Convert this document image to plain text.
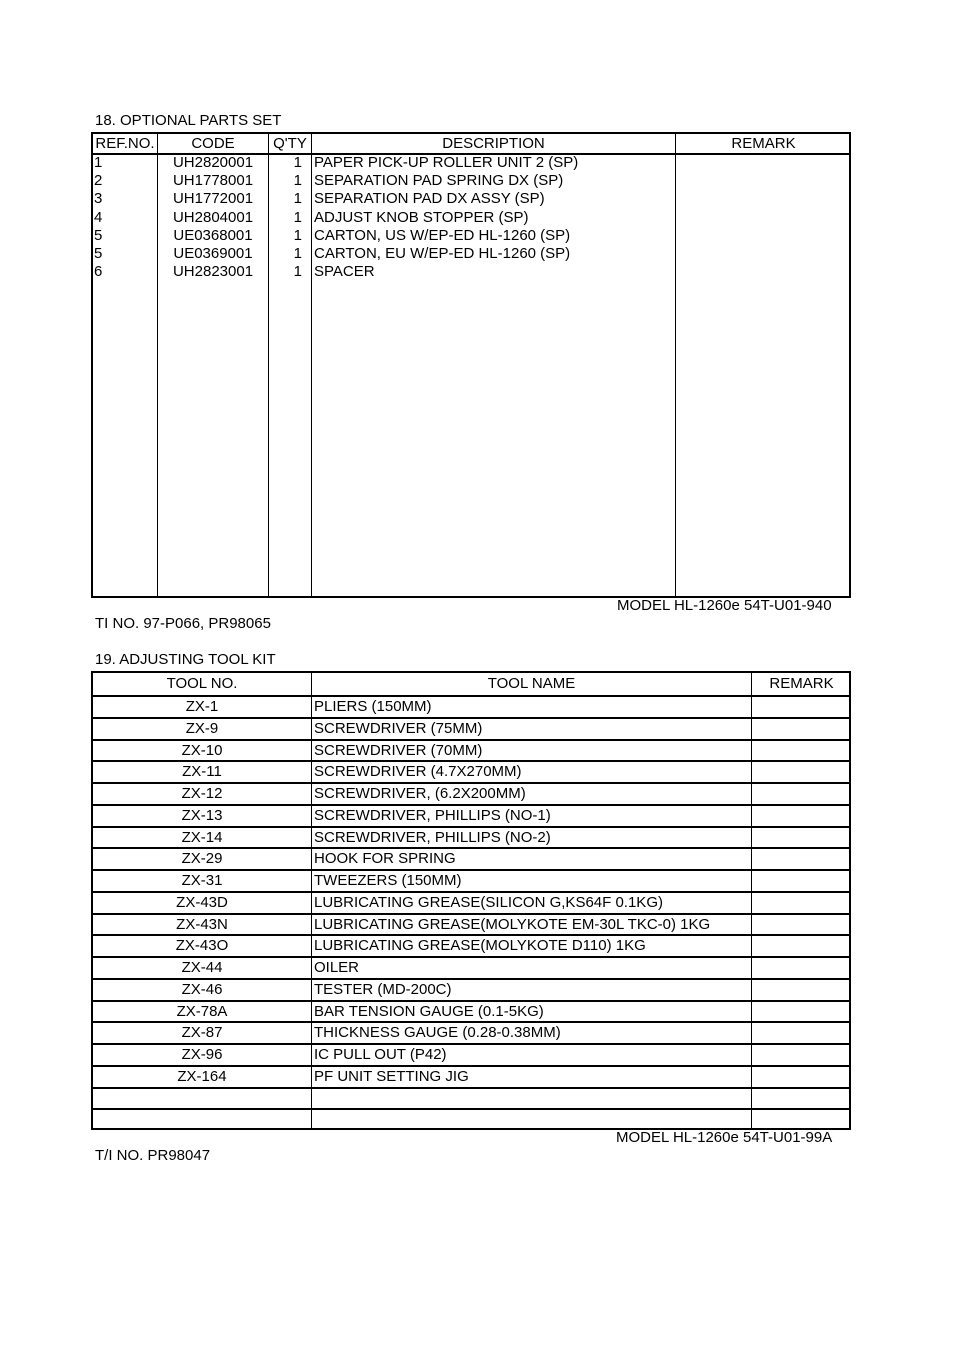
18. OPTIONAL PARTS SET
REF.NO.	CODE	Q'TY	DESCRIPTION	REMARK
1	UH2820001	1 PAPER PICK-UP ROLLER UNIT 2 (SP)
2	UH1778001	1 SEPARATION PAD SPRING DX (SP)
3	UH1772001	1 SEPARATION PAD DX ASSY (SP)
4	UH2804001	1 ADJUST KNOB STOPPER (SP)
5	UE0368001	1 CARTON, US W/EP-ED HL-1260 (SP)
5	UE0369001	1 CARTON, EU W/EP-ED HL-1260 (SP)
6	UH2823001	1 SPACER
MODEL HL-1260e 54T-U01-940
TI NO. 97-P066, PR98065
19. ADJUSTING TOOL KIT
TOOL NO.	TOOL NAME	REMARK
ZX-1	PLIERS (150MM)
ZX-9	SCREWDRIVER (75MM)
ZX-10	SCREWDRIVER (70MM)
ZX-11	SCREWDRIVER (4.7X270MM)
ZX-12	SCREWDRIVER, (6.2X200MM)
ZX-13	SCREWDRIVER, PHILLIPS (NO-1)
ZX-14	SCREWDRIVER, PHILLIPS (NO-2)
ZX-29	HOOK FOR SPRING
ZX-31	TWEEZERS (150MM)
ZX-43D	LUBRICATING GREASE(SILICON G,KS64F 0.1KG)
ZX-43N	LUBRICATING GREASE(MOLYKOTE EM-30L TKC-0) 1KG
ZX-43O	LUBRICATING GREASE(MOLYKOTE D110) 1KG
ZX-44	OILER
ZX-46	TESTER (MD-200C)
ZX-78A	BAR TENSION GAUGE (0.1-5KG)
ZX-87	THICKNESS GAUGE (0.28-0.38MM)
ZX-96	IC PULL OUT (P42)
ZX-164	PF UNIT SETTING JIG
MODEL HL-1260e 54T-U01-99A
T/I NO. PR98047
